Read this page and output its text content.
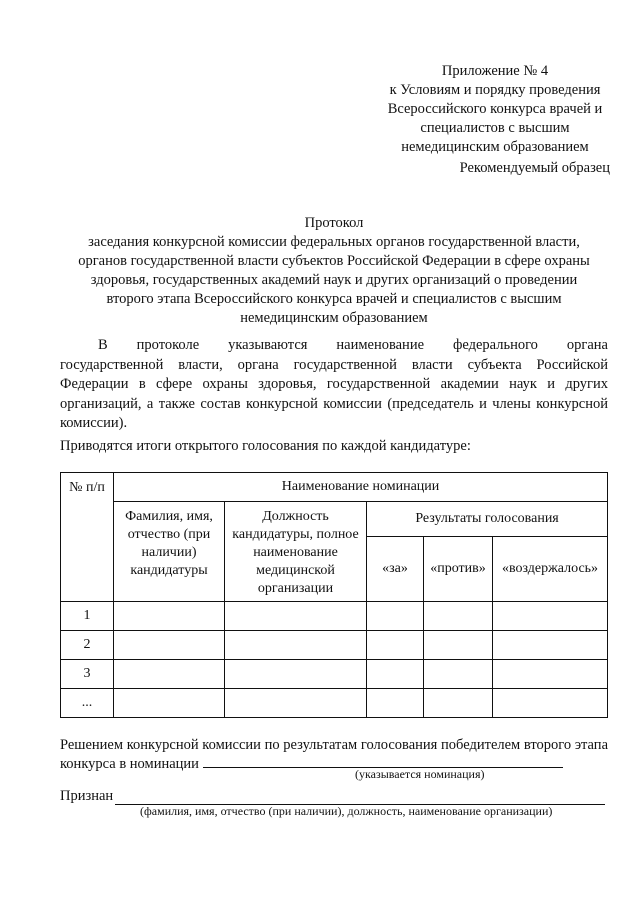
Приложение № 4
к Условиям и порядку проведения
Всероссийского конкурса врачей и
специалистов с высшим
немедицинским образованием
Рекомендуемый образец
Протокол
заседания конкурсной комиссии федеральных органов государственной власти,
органов государственной власти субъектов Российской Федерации в сфере охраны
здоровья, государственных академий наук и других организаций о проведении
второго этапа Всероссийского конкурса врачей и специалистов с высшим
немедицинским образованием
В протоколе указываются наименование федерального органа
государственной власти, органа государственной власти субъекта Российской Федерации в сфере охраны здоровья, государственной академии наук и других организаций, а также состав конкурсной комиссии (председатель и члены конкурсной комиссии).
Приводятся итоги открытого голосования по каждой кандидатуре:
№ п/п	Наименование номинации				
	Фамилия, имя, отчество (при наличии) кандидатуры	Должность кандидатуры, полное наименование медицинской организации	Результаты голосования		
			«за»	«против»	«воздержалось»
1					
2					
3					
...					
Решением конкурсной комиссии по результатам голосования победителем второго этапа конкурса в номинации
(указывается номинация)
Признан
(фамилия, имя, отчество (при наличии), должность, наименование организации)
